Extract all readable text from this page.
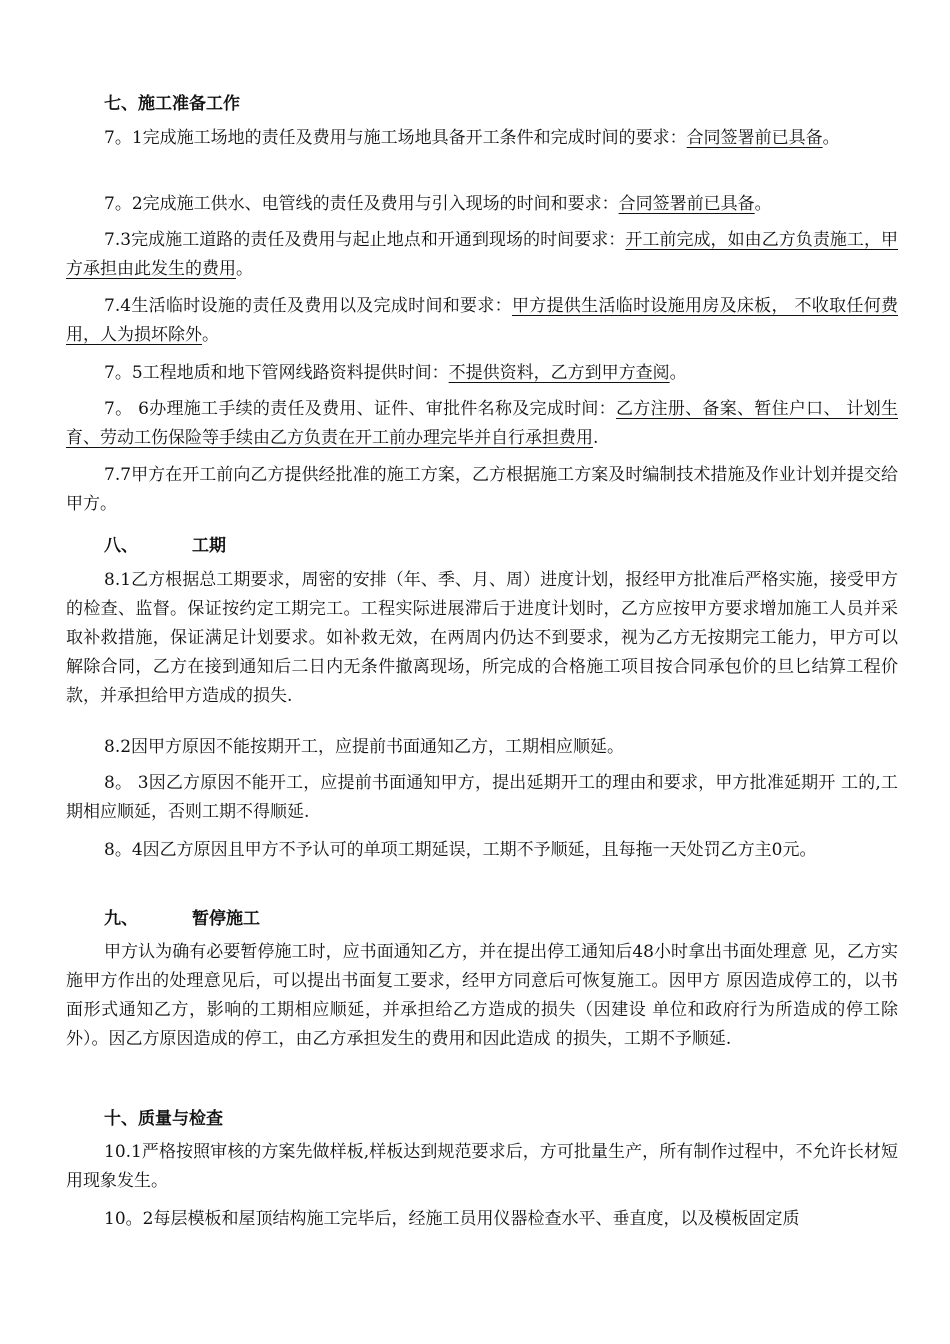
七、施工准备工作

7。1完成施工场地的责任及费用与施工场地具备开工条件和完成时间的要求：合同签署前已具备。

7。2完成施工供水、电管线的责任及费用与引入现场的时间和要求：合同签署前已具备。

7.3完成施工道路的责任及费用与起止地点和开通到现场的时间要求：开工前完成，如由乙方负责施工，甲方承担由此发生的费用。

7.4生活临时设施的责任及费用以及完成时间和要求：甲方提供生活临时设施用房及床板， 不收取任何费用，人为损坏除外。

7。5工程地质和地下管网线路资料提供时间：不提供资料，乙方到甲方查阅。

7。 6办理施工手续的责任及费用、证件、审批件名称及完成时间：乙方注册、备案、暂住户口、 计划生育、劳动工伤保险等手续由乙方负责在开工前办理完毕并自行承担费用.

7.7甲方在开工前向乙方提供经批准的施工方案，乙方根据施工方案及时编制技术措施及作业计划并提交给甲方。

八、	工期

8.1乙方根据总工期要求，周密的安排（年、季、月、周）进度计划，报经甲方批准后严格实施，接受甲方的检查、监督。保证按约定工期完工。工程实际进展滞后于进度计划时，乙方应按甲方要求增加施工人员并采取补救措施，保证满足计划要求。如补救无效，在两周内仍达不到要求，视为乙方无按期完工能力，甲方可以解除合同，乙方在接到通知后二日内无条件撤离现场，所完成的合格施工项目按合同承包价的旦匕结算工程价款，并承担给甲方造成的损失.

8.2因甲方原因不能按期开工，应提前书面通知乙方，工期相应顺延。

8。 3因乙方原因不能开工，应提前书面通知甲方，提出延期开工的理由和要求，甲方批准延期开 工的,工期相应顺延，否则工期不得顺延.

8。4因乙方原因且甲方不予认可的单项工期延误，工期不予顺延，且每拖一天处罚乙方主0元。

九、	暂停施工

甲方认为确有必要暂停施工时，应书面通知乙方，并在提出停工通知后48小时拿出书面处理意 见，乙方实施甲方作出的处理意见后，可以提出书面复工要求，经甲方同意后可恢复施工。因甲方 原因造成停工的，以书面形式通知乙方，影响的工期相应顺延，并承担给乙方造成的损失（因建设 单位和政府行为所造成的停工除外）。因乙方原因造成的停工，由乙方承担发生的费用和因此造成 的损失，工期不予顺延.

十、质量与检查

10.1严格按照审核的方案先做样板,样板达到规范要求后，方可批量生产，所有制作过程中，不允许长材短用现象发生。

10。2每层模板和屋顶结构施工完毕后，经施工员用仪器检查水平、垂直度，以及模板固定质
